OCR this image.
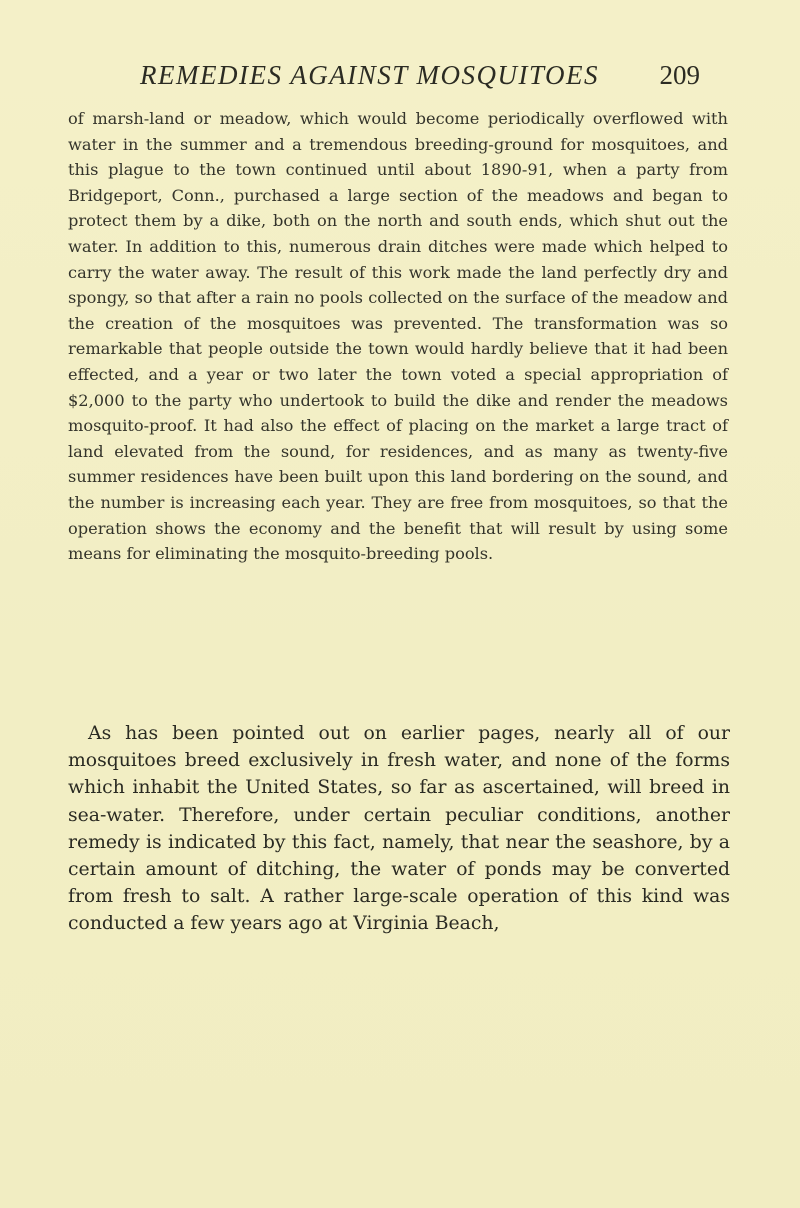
REMEDIES AGAINST MOSQUITOES 209

of marsh-land or meadow, which would become periodically overflowed with water in the summer and a tremendous breeding-ground for mosquitoes, and this plague to the town continued until about 1890-91, when a party from Bridgeport, Conn., purchased a large section of the meadows and began to protect them by a dike, both on the north and south ends, which shut out the water. In addition to this, numerous drain ditches were made which helped to carry the water away. The result of this work made the land perfectly dry and spongy, so that after a rain no pools collected on the surface of the meadow and the creation of the mosquitoes was prevented. The transformation was so remarkable that people outside the town would hardly believe that it had been effected, and a year or two later the town voted a special appropriation of $2,000 to the party who undertook to build the dike and render the meadows mosquito-proof. It had also the effect of placing on the market a large tract of land elevated from the sound, for residences, and as many as twenty-five summer residences have been built upon this land bordering on the sound, and the number is increasing each year. They are free from mosquitoes, so that the operation shows the economy and the benefit that will result by using some means for eliminating the mosquito-breeding pools.

As has been pointed out on earlier pages, nearly all of our mosquitoes breed exclusively in fresh water, and none of the forms which inhabit the United States, so far as ascertained, will breed in sea-water. Therefore, under certain peculiar conditions, another remedy is indicated by this fact, namely, that near the seashore, by a certain amount of ditching, the water of ponds may be converted from fresh to salt. A rather large-scale operation of this kind was conducted a few years ago at Virginia Beach,
